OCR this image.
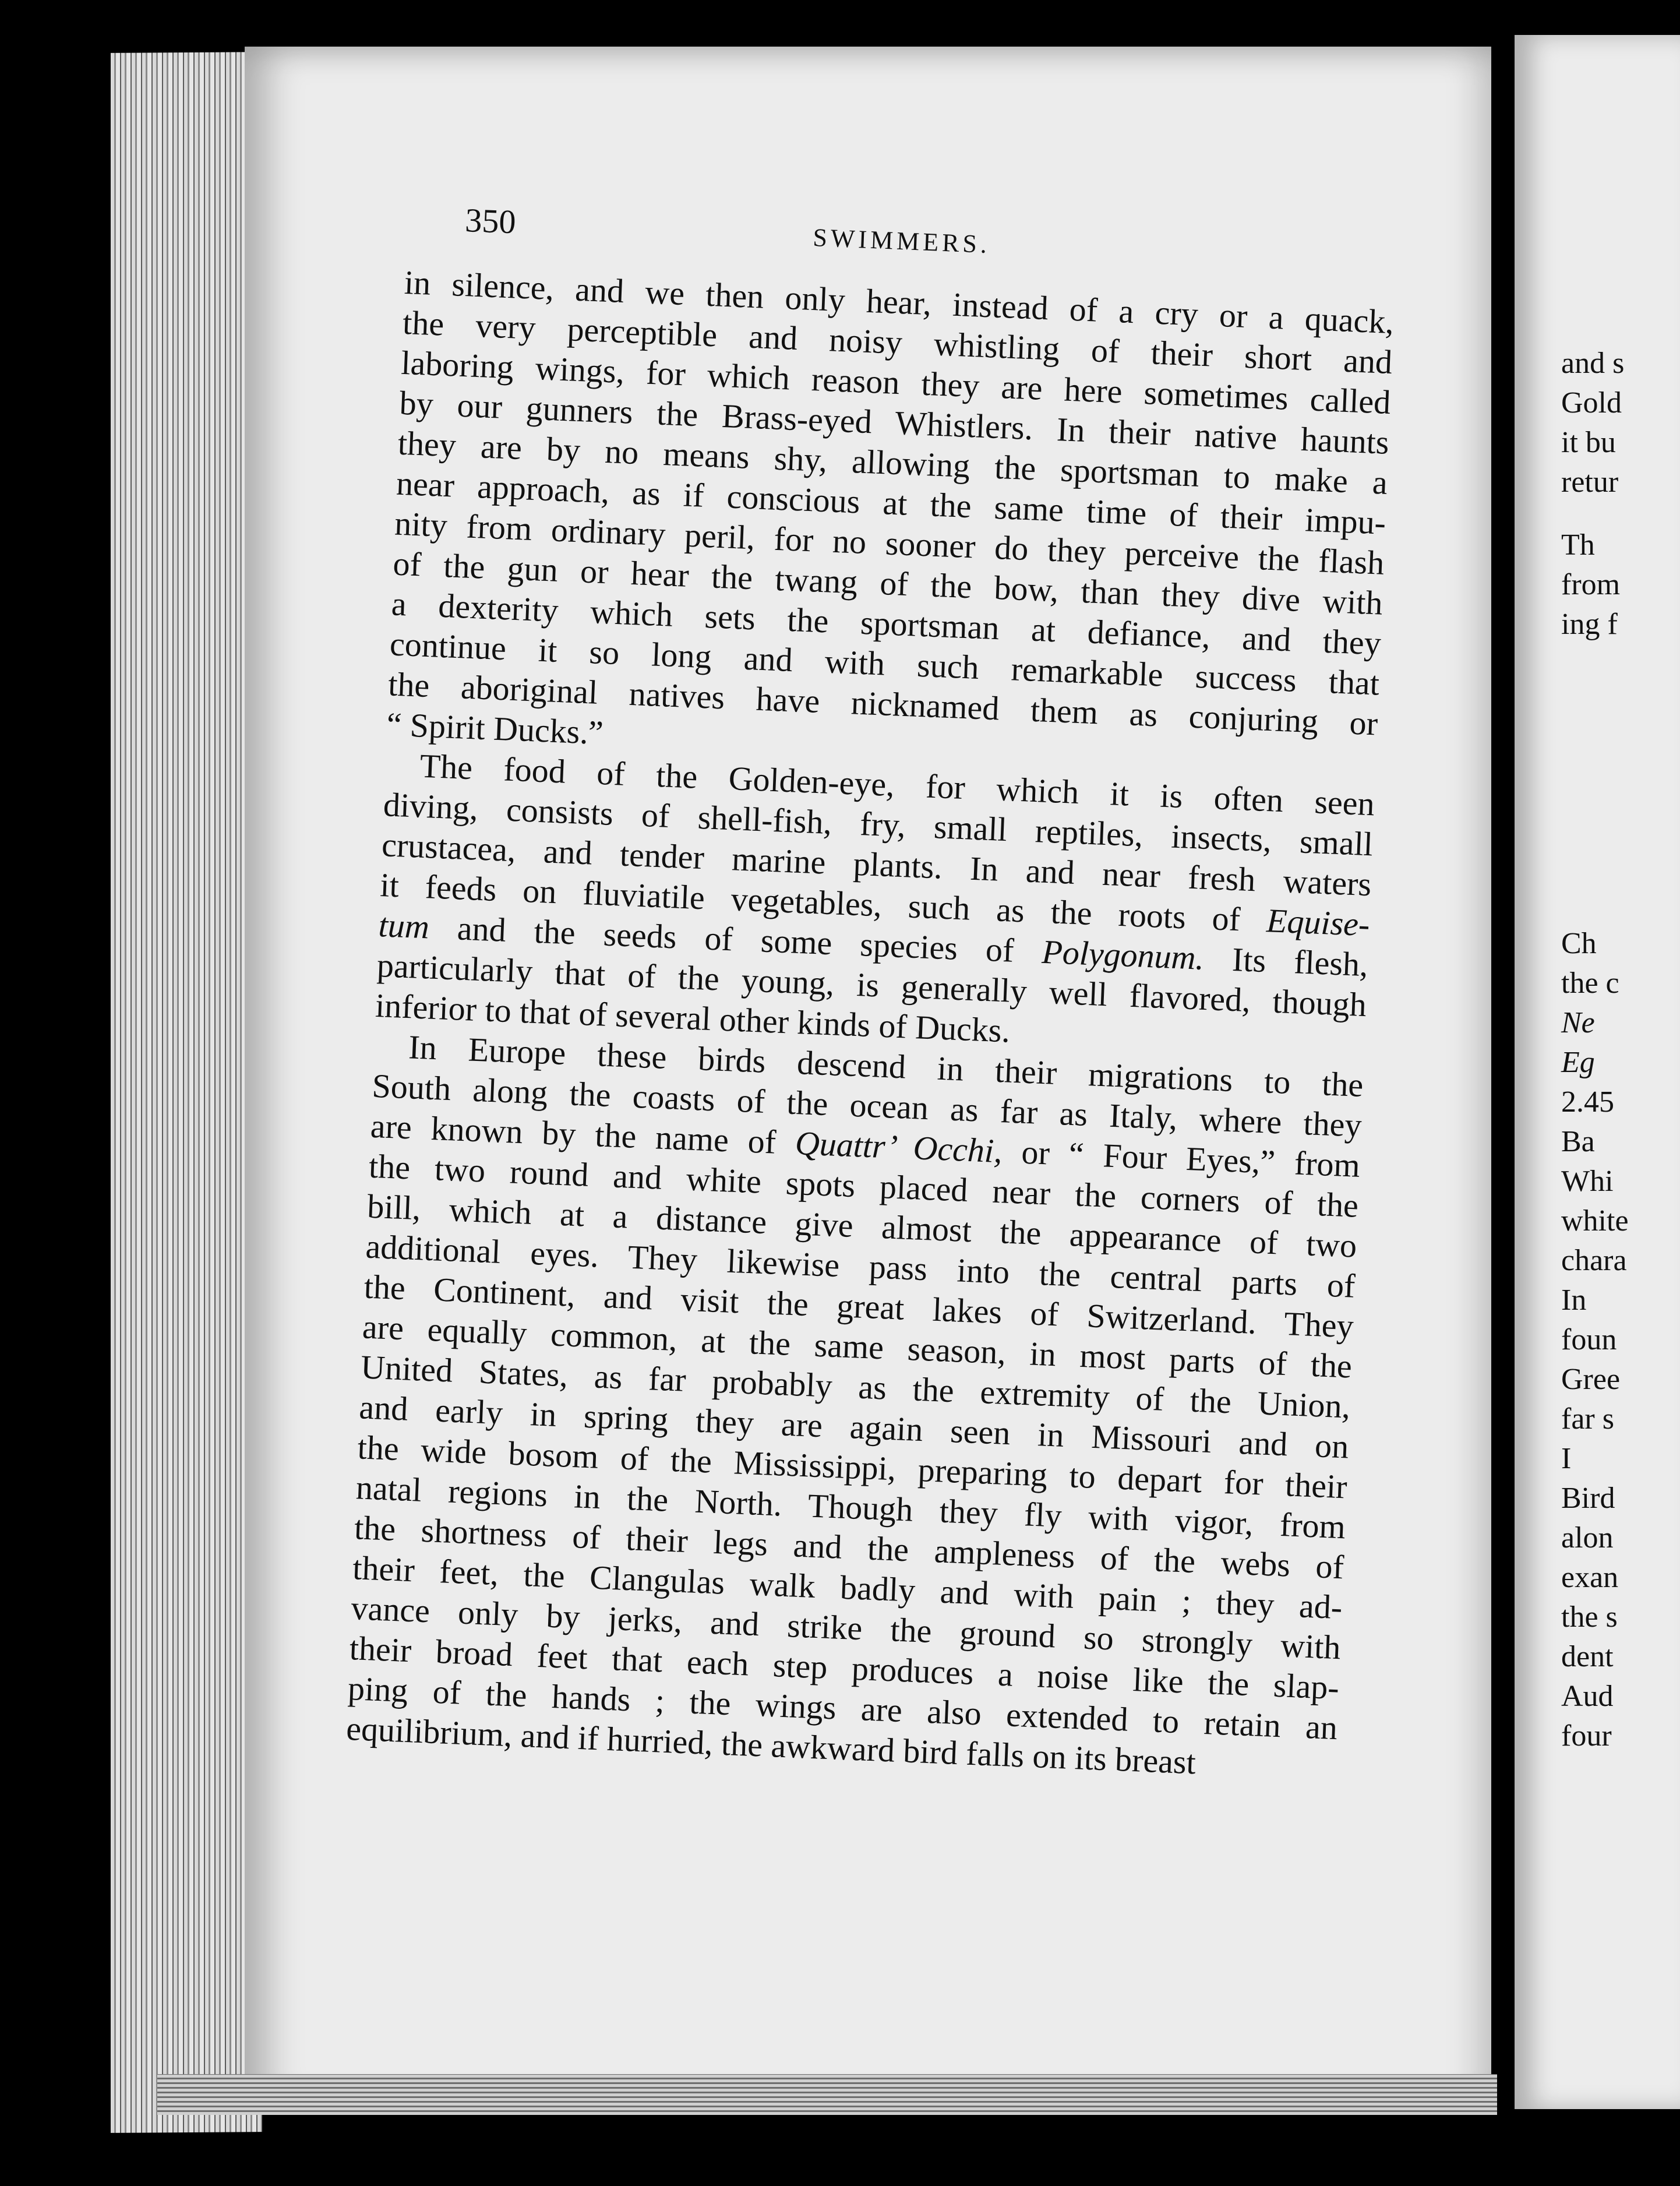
and s
Gold
it bu
retur
Th
from
ing f
Ch
the c
Ne
Eg
2.45
Ba
Whi
white
chara
In
foun
Gree
far s
I
Bird
alon
exan
the s
dent
Aud
four
350
SWIMMERS.
in silence, and we then only hear, instead of a cry or a quack,
the very perceptible and noisy whistling of their short and
laboring wings, for which reason they are here sometimes called
by our gunners the Brass-eyed Whistlers. In their native haunts
they are by no means shy, allowing the sportsman to make a
near approach, as if conscious at the same time of their impu-
nity from ordinary peril, for no sooner do they perceive the flash
of the gun or hear the twang of the bow, than they dive with
a dexterity which sets the sportsman at defiance, and they
continue it so long and with such remarkable success that
the aboriginal natives have nicknamed them as conjuring or
“ Spirit Ducks.”
The food of the Golden-eye, for which it is often seen
diving, consists of shell-fish, fry, small reptiles, insects, small
crustacea, and tender marine plants. In and near fresh waters
it feeds on fluviatile vegetables, such as the roots of Equise-
tum and the seeds of some species of Polygonum. Its flesh,
particularly that of the young, is generally well flavored, though
inferior to that of several other kinds of Ducks.
In Europe these birds descend in their migrations to the
South along the coasts of the ocean as far as Italy, where they
are known by the name of Quattr’ Occhi, or “ Four Eyes,” from
the two round and white spots placed near the corners of the
bill, which at a distance give almost the appearance of two
additional eyes. They likewise pass into the central parts of
the Continent, and visit the great lakes of Switzerland. They
are equally common, at the same season, in most parts of the
United States, as far probably as the extremity of the Union,
and early in spring they are again seen in Missouri and on
the wide bosom of the Mississippi, preparing to depart for their
natal regions in the North. Though they fly with vigor, from
the shortness of their legs and the ampleness of the webs of
their feet, the Clangulas walk badly and with pain ; they ad-
vance only by jerks, and strike the ground so strongly with
their broad feet that each step produces a noise like the slap-
ping of the hands ; the wings are also extended to retain an
equilibrium, and if hurried, the awkward bird falls on its breast
